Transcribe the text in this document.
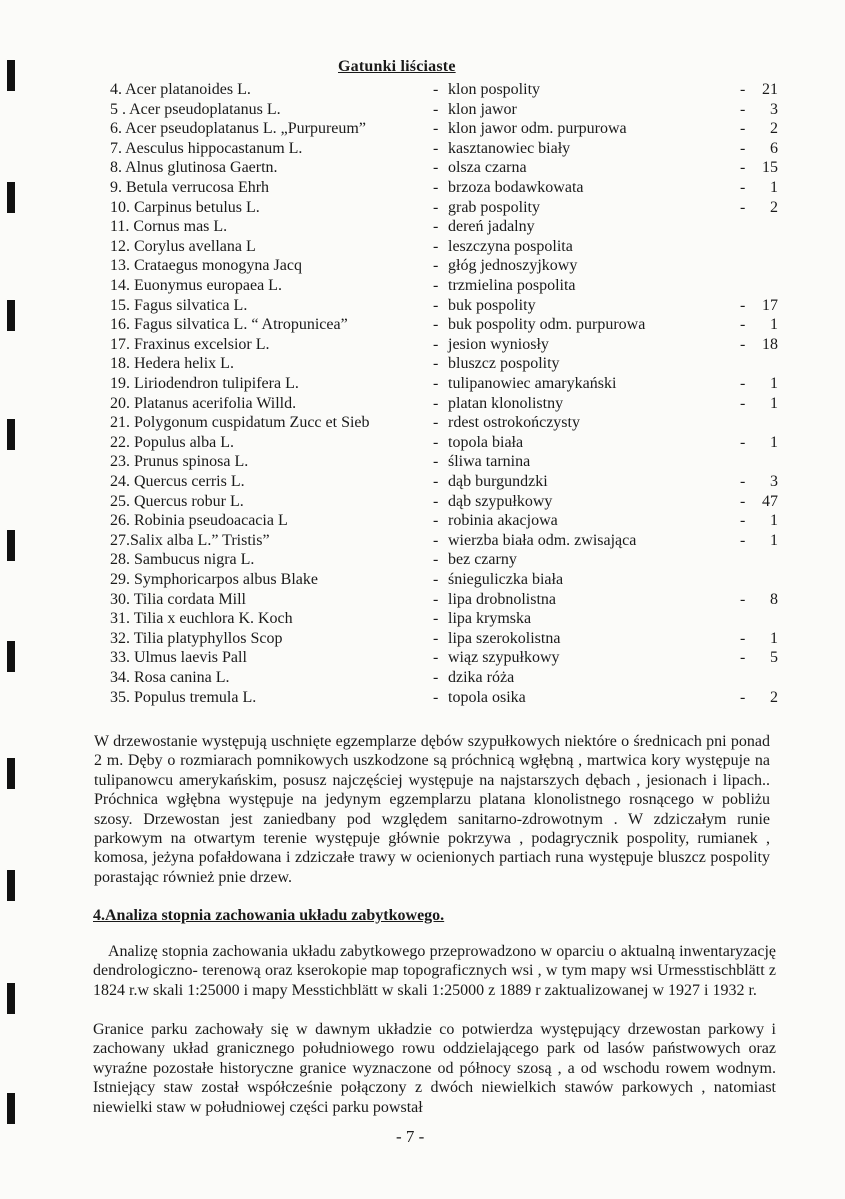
Gatunki liściaste
4. Acer platanoides L.	- klon pospolity	- 21
5 . Acer pseudoplatanus L.	- klon jawor	- 3
6. Acer pseudoplatanus L. „Purpureum”	- klon jawor odm. purpurowa	- 2
7. Aesculus hippocastanum L.	- kasztanowiec biały	- 6
8. Alnus glutinosa Gaertn.	- olsza czarna	- 15
9. Betula verrucosa Ehrh	- brzoza bodawkowata	- 1
10. Carpinus betulus L.	- grab pospolity	- 2
11. Cornus mas L.	- dereń jadalny
12. Corylus avellana L	- leszczyna pospolita
13. Crataegus monogyna Jacq	- głóg jednoszyjkowy
14. Euonymus europaea L.	- trzmielina pospolita
15. Fagus silvatica L.	- buk pospolity	- 17
16. Fagus silvatica L. “ Atropunicea”	- buk pospolity odm. purpurowa	- 1
17. Fraxinus excelsior L.	- jesion wyniosły	- 18
18. Hedera helix L.	- bluszcz pospolity
19. Liriodendron tulipifera L.	- tulipanowiec amarykański	- 1
20. Platanus acerifolia Willd.	- platan klonolistny	- 1
21. Polygonum cuspidatum Zucc et Sieb	- rdest ostrokończysty
22. Populus alba L.	- topola biała	- 1
23. Prunus spinosa L.	- śliwa tarnina
24. Quercus cerris L.	- dąb burgundzki	- 3
25. Quercus robur L.	- dąb szypułkowy	- 47
26. Robinia pseudoacacia L	- robinia akacjowa	- 1
27.Salix alba L.” Tristis”	- wierzba biała odm. zwisająca	- 1
28. Sambucus nigra L.	- bez czarny
29. Symphoricarpos albus Blake	- śnieguliczka biała
30. Tilia cordata Mill	- lipa drobnolistna	- 8
31. Tilia x euchlora K. Koch	- lipa krymska
32. Tilia platyphyllos Scop	- lipa szerokolistna	- 1
33. Ulmus laevis Pall	- wiąz szypułkowy	- 5
34. Rosa canina L.	- dzika róża
35. Populus tremula L.	- topola osika	- 2
W drzewostanie występują uschnięte egzemplarze dębów szypułkowych niektóre o średnicach pni ponad 2 m. Dęby o rozmiarach pomnikowych uszkodzone są próchnicą wgłębną , martwica kory występuje na tulipanowcu amerykańskim, posusz najczęściej występuje na najstarszych dębach , jesionach i lipach.. Próchnica wgłębna występuje na jedynym egzemplarzu platana klonolistnego rosnącego w pobliżu szosy. Drzewostan jest zaniedbany pod względem sanitarno-zdrowotnym . W zdziczałym runie parkowym na otwartym terenie występuje głównie pokrzywa , podagrycznik pospolity, rumianek , komosa, jeżyna pofałdowana i zdziczałe trawy w ocienionych partiach runa występuje bluszcz pospolity porastając również pnie drzew.
4.Analiza stopnia zachowania układu zabytkowego.
Analizę stopnia zachowania układu zabytkowego przeprowadzono w oparciu o aktualną inwentaryzację dendrologiczno- terenową oraz kserokopie map topograficznych wsi , w tym mapy wsi Urmesstischblätt z 1824 r.w skali 1:25000 i mapy Messtichblätt w skali 1:25000 z 1889 r zaktualizowanej w 1927 i 1932 r.
Granice parku zachowały się w dawnym układzie co potwierdza występujący drzewostan parkowy i zachowany układ granicznego południowego rowu oddzielającego park od lasów państwowych oraz wyraźne pozostałe historyczne granice wyznaczone od północy szosą , a od wschodu rowem wodnym. Istniejący staw został współcześnie połączony z dwóch niewielkich stawów parkowych , natomiast niewielki staw w południowej części parku powstał
- 7 -
